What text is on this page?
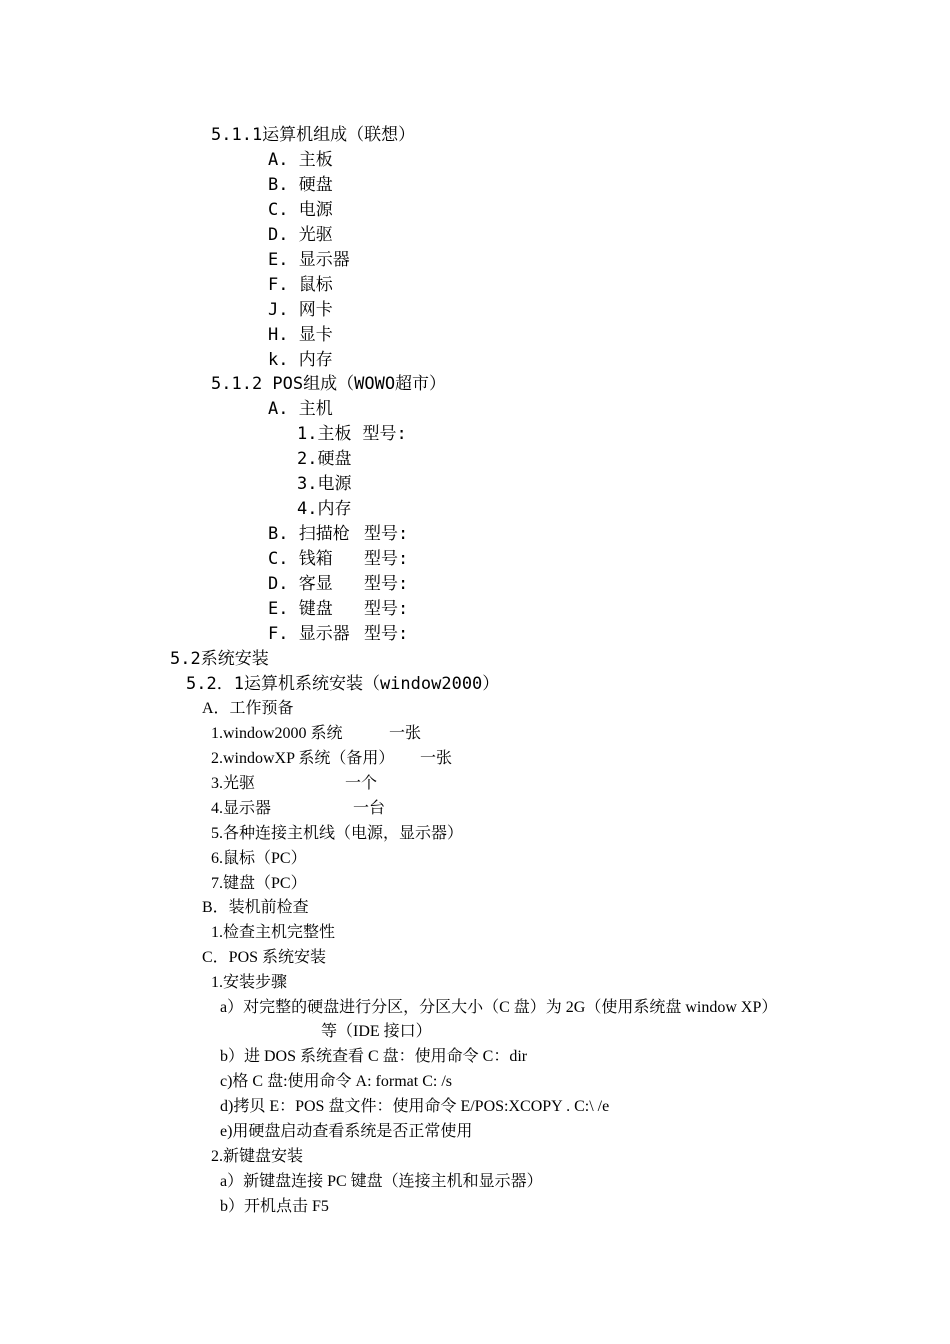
5.1.1运算机组成（联想）
A. 主板
B. 硬盘
C. 电源
D. 光驱
E. 显示器
F. 鼠标
J. 网卡
H. 显卡
k. 内存
5.1.2 POS组成（WOWO超市）
A. 主机
1.主板 型号:
2.硬盘
3.电源
4.内存
B. 扫描枪 型号:
C. 钱箱 型号:
D. 客显 型号:
E. 键盘 型号:
F. 显示器 型号:
5.2系统安装
5.2．1运算机系统安装（window2000）
A．工作预备
1.window2000 系统	一张
2.windowXP 系统（备用） 一张
3.光驱	一个
4.显示器	一台
5.各种连接主机线（电源，显示器）
6.鼠标（PC）
7.键盘（PC）
B．装机前检查
1.检查主机完整性
C．POS 系统安装
1.安装步骤
a）对完整的硬盘进行分区，分区大小（C 盘）为 2G（使用系统盘 window XP）
等（IDE 接口）
b）进 DOS 系统查看 C 盘：使用命令 C：dir
c)格 C 盘:使用命令 A: format C: /s
d)拷贝 E：POS 盘文件：使用命令 E/POS:XCOPY . C:\ /e
e)用硬盘启动查看系统是否正常使用
2.新键盘安装
a）新键盘连接 PC 键盘（连接主机和显示器）
b）开机点击 F5
